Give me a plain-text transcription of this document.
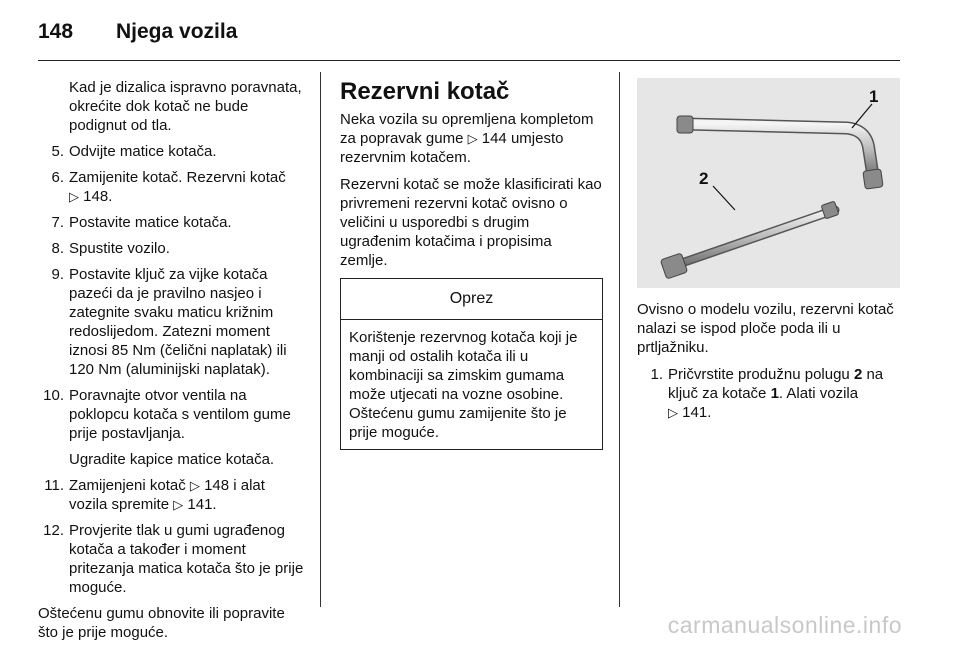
148 Njega vozila
Kad je dizalica ispravno poravnata, okrećite dok kotač ne bude podignut od tla.
5. Odvijte matice kotača.
6. Zamijenite kotač. Rezervni kotač
▷ 148.
7. Postavite matice kotača.
8. Spustite vozilo.
9. Postavite ključ za vijke kotača pazeći da je pravilno nasjeo i zategnite svaku maticu križnim redoslijedom. Zatezni moment iznosi 85 Nm (čelični naplatak) ili 120 Nm (aluminijski naplatak).
10. Poravnajte otvor ventila na poklopcu kotača s ventilom gume prije postavljanja.
Ugradite kapice matice kotača.
11. Zamijenjeni kotač ▷ 148 i alat vozila spremite ▷ 141.
12. Provjerite tlak u gumi ugrađenog kotača a također i moment pritezanja matica kotača što je prije moguće.

Oštećenu gumu obnovite ili popravite što je prije moguće.

Rezervni kotač

Neka vozila su opremljena kompletom za popravak gume ▷ 144 umjesto rezervnim kotačem.

Rezervni kotač se može klasificirati kao privremeni rezervni kotač ovisno o veličini u usporedbi s drugim ugrađenim kotačima i propisima zemlje.

Oprez
Korištenje rezervnog kotača koji je manji od ostalih kotača ili u kombinaciji sa zimskim gumama može utjecati na vozne osobine. Oštećenu gumu zamijenite što je prije moguće.
1
2

Ovisno o modelu vozilu, rezervni kotač nalazi se ispod ploče poda ili u prtljažniku.

1. Pričvrstite produžnu polugu 2 na ključ za kotače 1. Alati vozila
▷ 141.
carmanualsonline.info
